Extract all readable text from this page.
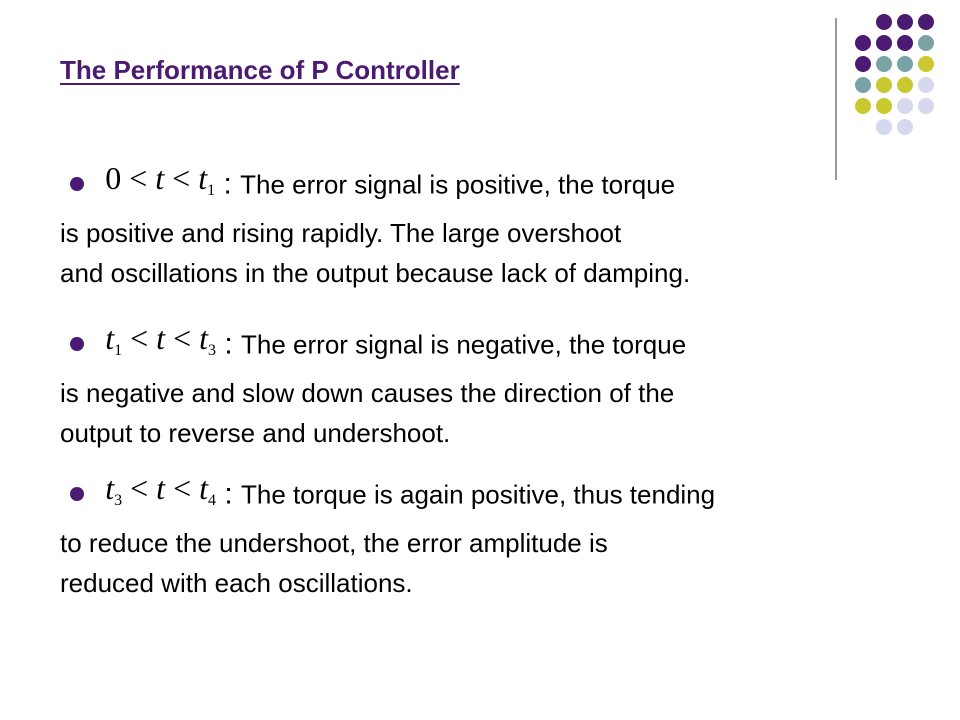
The Performance of P Controller
$0 < t < t_1$ : The error signal is positive, the torque
is positive and rising rapidly. The large overshoot
and oscillations in the output because lack of damping.
$t_1 < t < t_3$ : The error signal is negative, the torque
is negative and slow down causes the direction of the
output to reverse and undershoot.
$t_3 < t < t_4$ : The torque is again positive, thus tending
to reduce the undershoot, the error amplitude is
reduced with each oscillations.
